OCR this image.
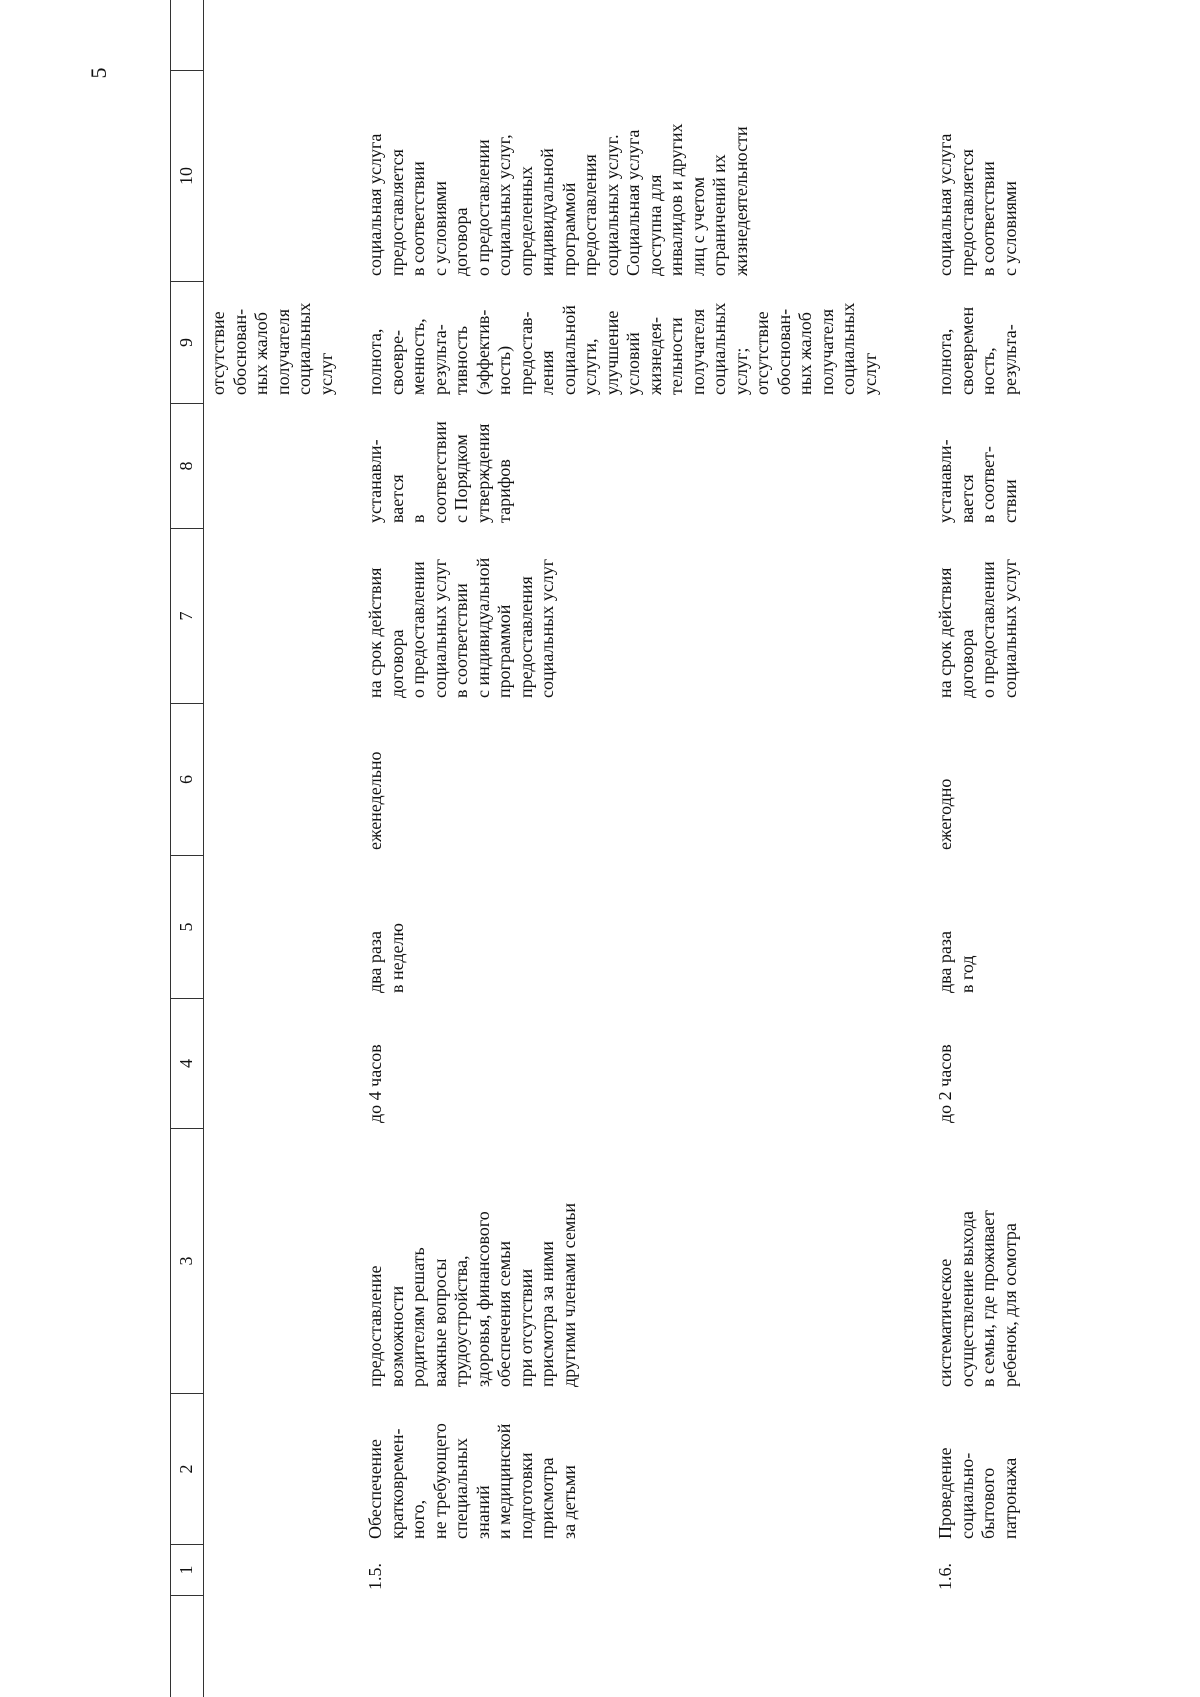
5
1
2
3
4
5
6
7
8
9
10
отсутствие
обоснован-
ных жалоб
получателя
социальных
услуг
1.5.
Обеспечение
кратковремен-
ного,
не требующего
специальных
знаний
и медицинской
подготовки
присмотра
за детьми
предоставление
возможности
родителям решать
важные вопросы
трудоустройства,
здоровья, финансового
обеспечения семьи
при отсутствии
присмотра за ними
другими членами семьи
до 4 часов
два раза
в неделю
еженедельно
на срок действия
договора
о предоставлении
социальных услуг
в соответствии
с индивидуальной
программой
предоставления
социальных услуг
устанавли-
вается
в
соответствии
с Порядком
утверждения
тарифов
полнота,
своевре-
менность,
результа-
тивность
(эффектив-
ность)
предостав-
ления
социальной
услуги,
улучшение
условий
жизнедея-
тельности
получателя
социальных
услуг;
отсутствие
обоснован-
ных жалоб
получателя
социальных
услуг
социальная услуга
предоставляется
в соответствии
с условиями
договора
о предоставлении
социальных услуг,
определенных
индивидуальной
программой
предоставления
социальных услуг.
Социальная услуга
доступна для
инвалидов и других
лиц с учетом
ограничений их
жизнедеятельности
1.6.
Проведение
социально-
бытового
патронажа
систематическое
осуществление выхода
в семьи, где проживает
ребенок, для осмотра
до 2 часов
два раза
в год
ежегодно
на срок действия
договора
о предоставлении
социальных услуг
устанавли-
вается
в соответ-
ствии
полнота,
своевремен
ность,
результа-
социальная услуга
предоставляется
в соответствии
с условиями
